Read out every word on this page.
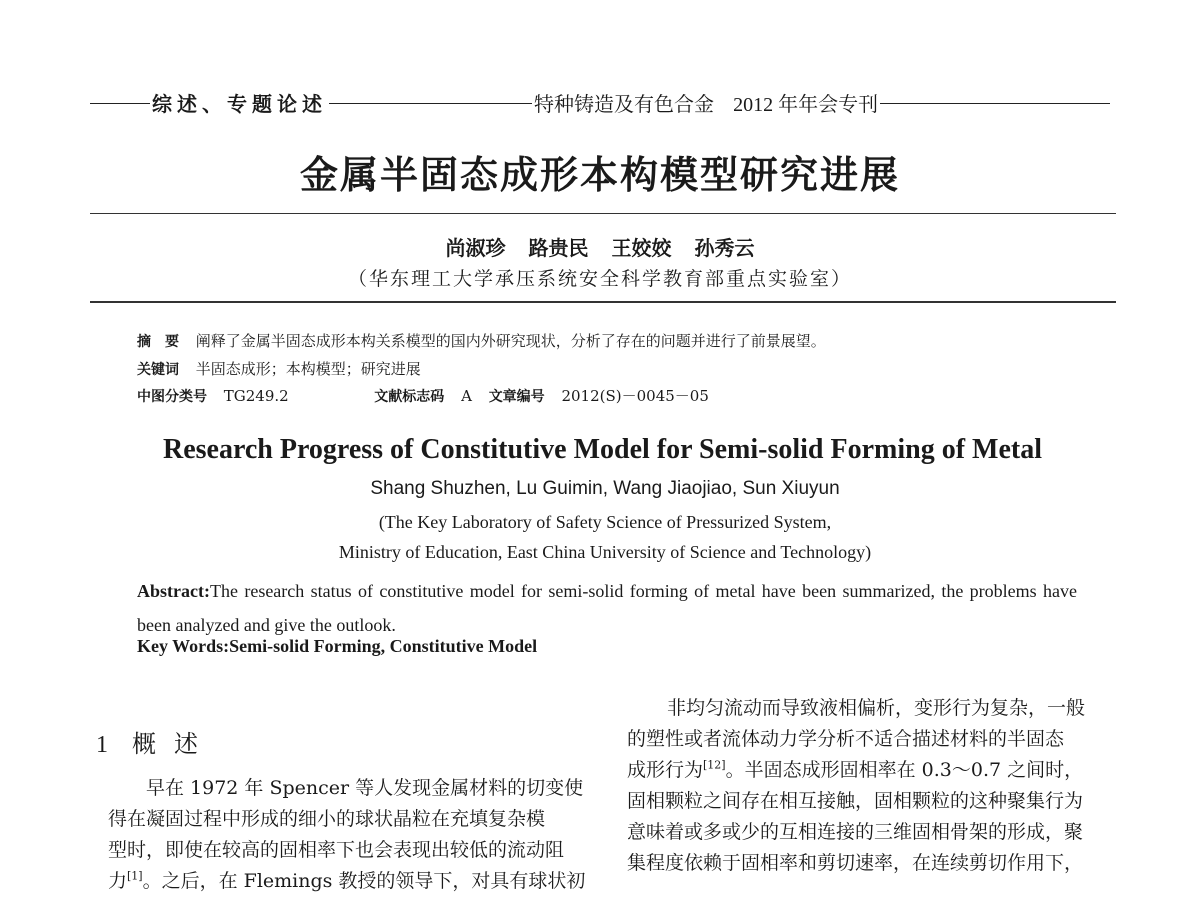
综述、专题论述	特种铸造及有色合金 2012 年年会专刊
金属半固态成形本构模型研究进展
尚淑珍 路贵民 王姣姣 孙秀云
（华东理工大学承压系统安全科学教育部重点实验室）
摘　要 阐释了金属半固态成形本构关系模型的国内外研究现状，分析了存在的问题并进行了前景展望。
关键词 半固态成形；本构模型；研究进展
中图分类号 TG249.2	文献标志码 A 文章编号 2012(S)－0045－05
Research Progress of Constitutive Model for Semi-solid Forming of Metal
Shang Shuzhen, Lu Guimin, Wang Jiaojiao, Sun Xiuyun
(The Key Laboratory of Safety Science of Pressurized System,
Ministry of Education, East China University of Science and Technology)
Abstract:The research status of constitutive model for semi-solid forming of metal have been summarized, the problems have been analyzed and give the outlook.
Key Words:Semi-solid Forming, Constitutive Model
1 概述
早在 1972 年 Spencer 等人发现金属材料的切变使
得在凝固过程中形成的细小的球状晶粒在充填复杂模
型时，即使在较高的固相率下也会表现出较低的流动阻
力[1]。之后，在 Flemings 教授的领导下，对具有球状初
非均匀流动而导致液相偏析，变形行为复杂，一般
的塑性或者流体动力学分析不适合描述材料的半固态
成形行为[12]。半固态成形固相率在 0.3～0.7 之间时，
固相颗粒之间存在相互接触，固相颗粒的这种聚集行为
意味着或多或少的互相连接的三维固相骨架的形成，聚
集程度依赖于固相率和剪切速率，在连续剪切作用下，
